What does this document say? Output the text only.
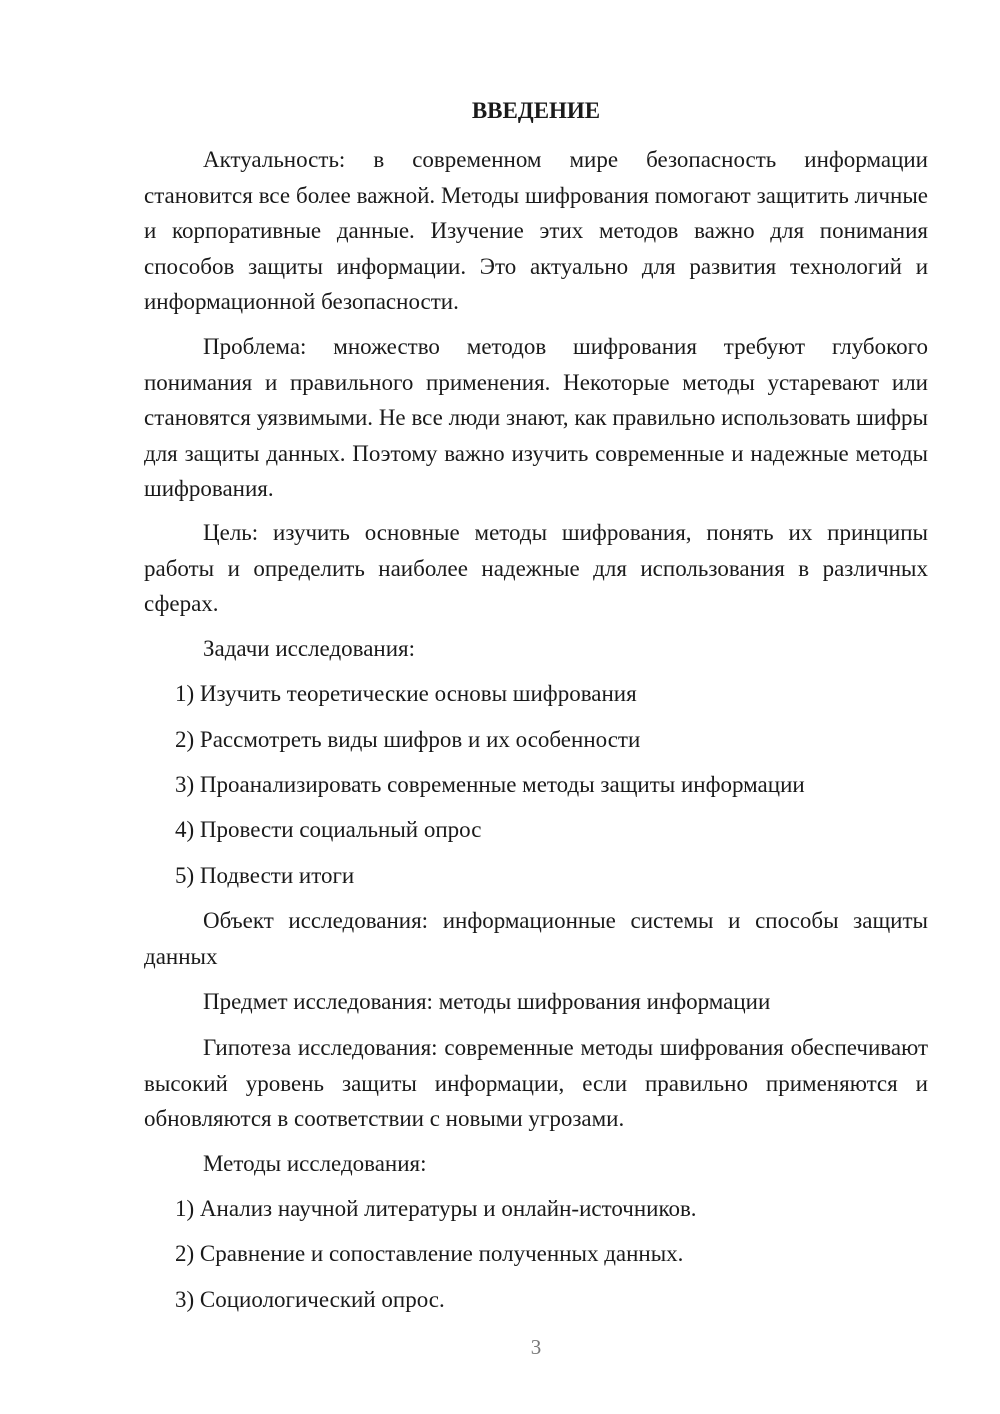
ВВЕДЕНИЕ

Актуальность: в современном мире безопасность информации становится все более важной. Методы шифрования помогают защитить личные и корпоративные данные. Изучение этих методов важно для понимания способов защиты информации. Это актуально для развития технологий и информационной безопасности.

Проблема: множество методов шифрования требуют глубокого понимания и правильного применения. Некоторые методы устаревают или становятся уязвимыми. Не все люди знают, как правильно использовать шифры для защиты данных. Поэтому важно изучить современные и надежные методы шифрования.

Цель: изучить основные методы шифрования, понять их принципы работы и определить наиболее надежные для использования в различных сферах.

Задачи исследования:

1) Изучить теоретические основы шифрования

2) Рассмотреть виды шифров и их особенности

3) Проанализировать современные методы защиты информации

4) Провести социальный опрос

5) Подвести итоги

Объект исследования: информационные системы и способы защиты данных

Предмет исследования: методы шифрования информации

Гипотеза исследования: современные методы шифрования обеспечивают высокий уровень защиты информации, если правильно применяются и обновляются в соответствии с новыми угрозами.

Методы исследования:

1) Анализ научной литературы и онлайн-источников.

2) Сравнение и сопоставление полученных данных.

3) Социологический опрос.

3
